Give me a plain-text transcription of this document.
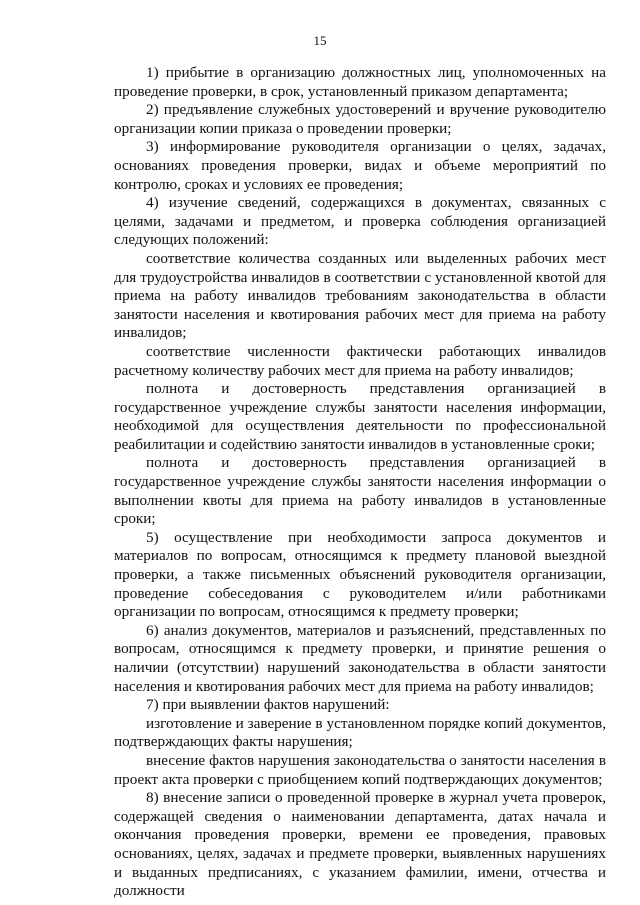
15

1) прибытие в организацию должностных лиц, уполномоченных на проведение проверки, в срок, установленный приказом департамента;

2) предъявление служебных удостоверений и вручение руководителю организации копии приказа о проведении проверки;

3) информирование руководителя организации о целях, задачах, основаниях проведения проверки, видах и объеме мероприятий по контролю, сроках и условиях ее проведения;

4) изучение сведений, содержащихся в документах, связанных с целями, задачами и предметом, и проверка соблюдения организацией следующих положений:

соответствие количества созданных или выделенных рабочих мест для трудоустройства инвалидов в соответствии с установленной квотой для приема на работу инвалидов требованиям законодательства в области занятости населения и квотирования рабочих мест для приема на работу инвалидов;

соответствие численности фактически работающих инвалидов расчетному количеству рабочих мест для приема на работу инвалидов;

полнота и достоверность представления организацией в государственное учреждение службы занятости населения информации, необходимой для осуществления деятельности по профессиональной реабилитации и содействию занятости инвалидов в установленные сроки;

полнота и достоверность представления организацией в государственное учреждение службы занятости населения информации о выполнении квоты для приема на работу инвалидов в установленные сроки;

5) осуществление при необходимости запроса документов и материалов по вопросам, относящимся к предмету плановой выездной проверки, а также письменных объяснений руководителя организации, проведение собеседования с руководителем и/или работниками организации по вопросам, относящимся к предмету проверки;

6) анализ документов, материалов и разъяснений, представленных по вопросам, относящимся к предмету проверки, и принятие решения о наличии (отсутствии) нарушений законодательства в области занятости населения и квотирования рабочих мест для приема на работу инвалидов;

7) при выявлении фактов нарушений:

изготовление и заверение в установленном порядке копий документов, подтверждающих факты нарушения;

внесение фактов нарушения законодательства о занятости населения в проект акта проверки с приобщением копий подтверждающих документов;

8) внесение записи о проведенной проверке в журнал учета проверок, содержащей сведения о наименовании департамента, датах начала и окончания проведения проверки, времени ее проведения, правовых основаниях, целях, задачах и предмете проверки, выявленных нарушениях и выданных предписаниях, с указанием фамилии, имени, отчества и должности
